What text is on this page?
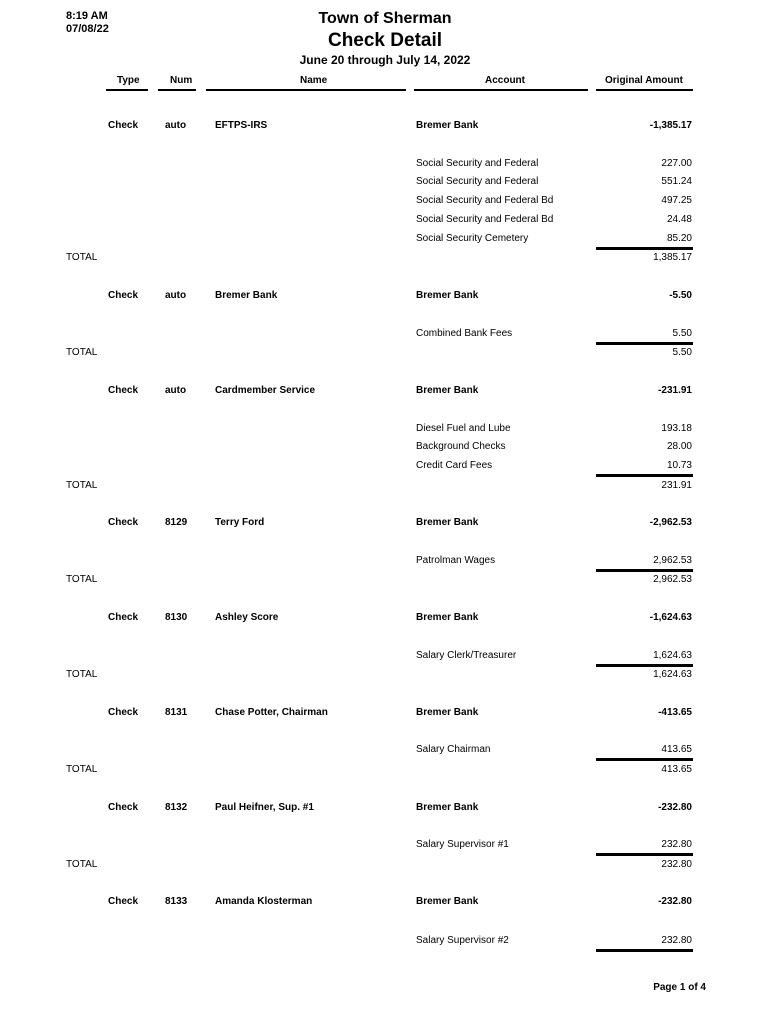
8:19 AM
07/08/22
Town of Sherman
Check Detail
June 20 through July 14, 2022
Type	Num	Name	Account	Original Amount
Check	auto	EFTPS-IRS	Bremer Bank	-1,385.17
Social Security and Federal	227.00
Social Security and Federal	551.24
Social Security and Federal Bd	497.25
Social Security and Federal Bd	24.48
Social Security Cemetery	85.20
TOTAL	1,385.17
Check	auto	Bremer Bank	Bremer Bank	-5.50
Combined Bank Fees	5.50
TOTAL	5.50
Check	auto	Cardmember Service	Bremer Bank	-231.91
Diesel Fuel and Lube	193.18
Background Checks	28.00
Credit Card Fees	10.73
TOTAL	231.91
Check	8129	Terry Ford	Bremer Bank	-2,962.53
Patrolman Wages	2,962.53
TOTAL	2,962.53
Check	8130	Ashley Score	Bremer Bank	-1,624.63
Salary Clerk/Treasurer	1,624.63
TOTAL	1,624.63
Check	8131	Chase Potter, Chairman	Bremer Bank	-413.65
Salary Chairman	413.65
TOTAL	413.65
Check	8132	Paul Heifner, Sup. #1	Bremer Bank	-232.80
Salary Supervisor #1	232.80
TOTAL	232.80
Check	8133	Amanda Klosterman	Bremer Bank	-232.80
Salary Supervisor #2	232.80
Page 1 of 4
